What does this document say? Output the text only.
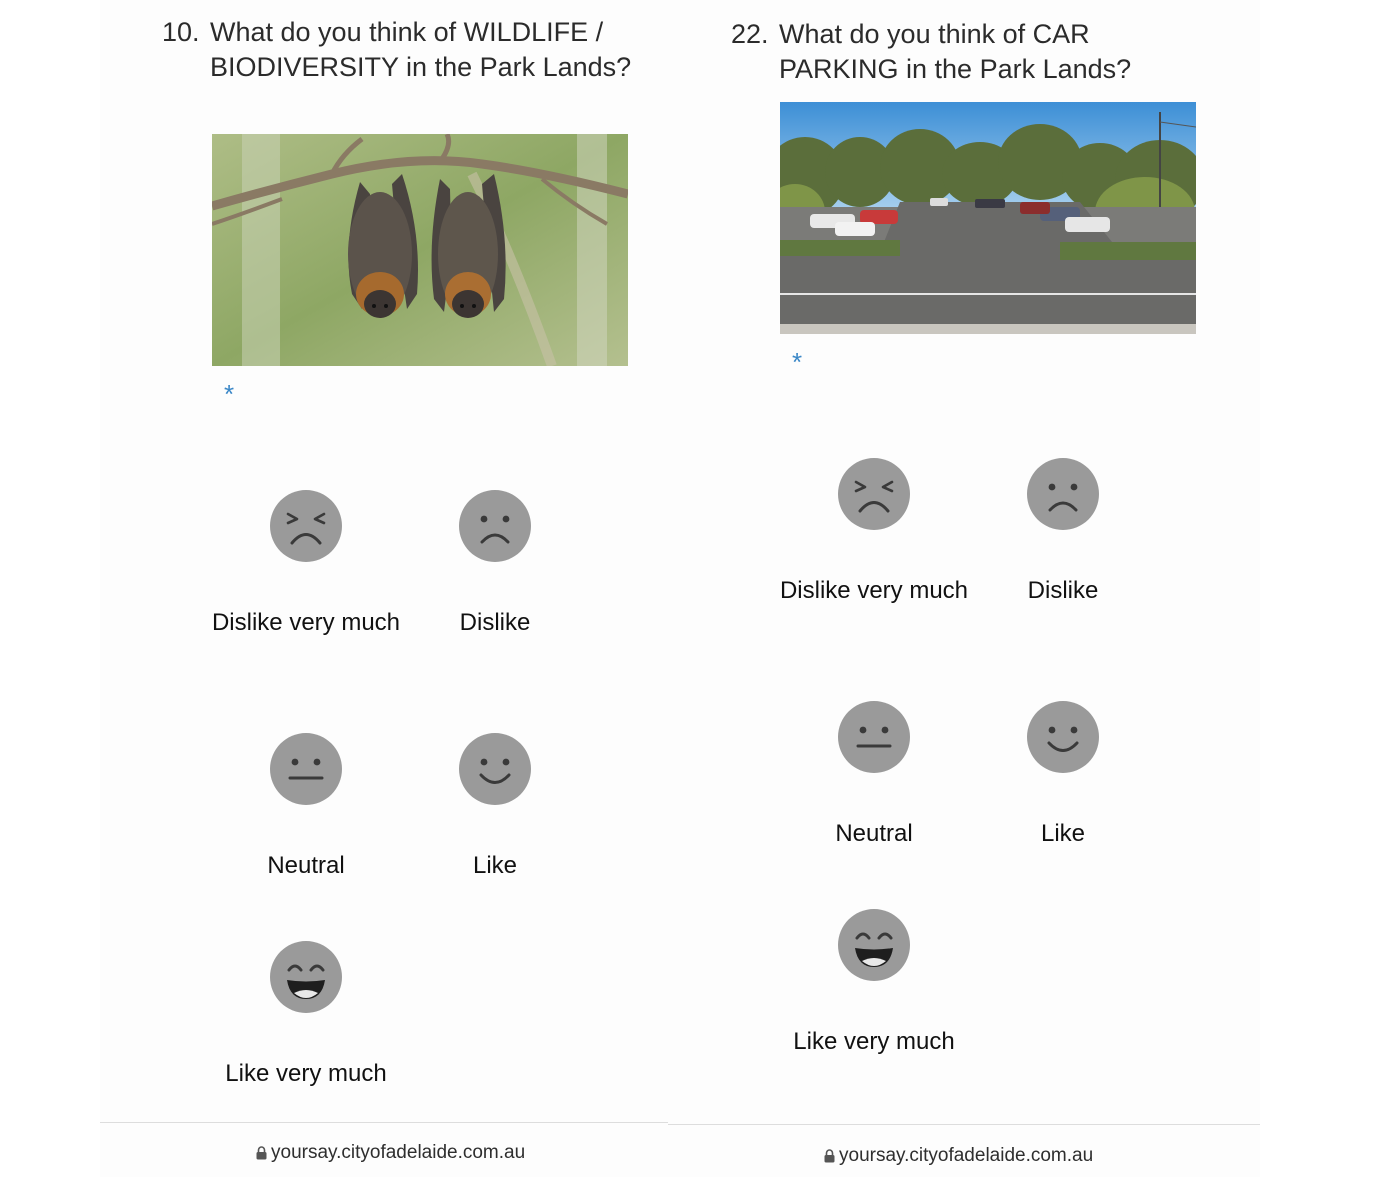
10. What do you think of WILDLIFE / BIODIVERSITY in the Park Lands?
*
Dislike very much	Dislike
Neutral	Like
Like very much
22. What do you think of CAR PARKING in the Park Lands?
*
Dislike very much	Dislike
Neutral	Like
Like very much
yoursay.cityofadelaide.com.au	yoursay.cityofadelaide.com.au
